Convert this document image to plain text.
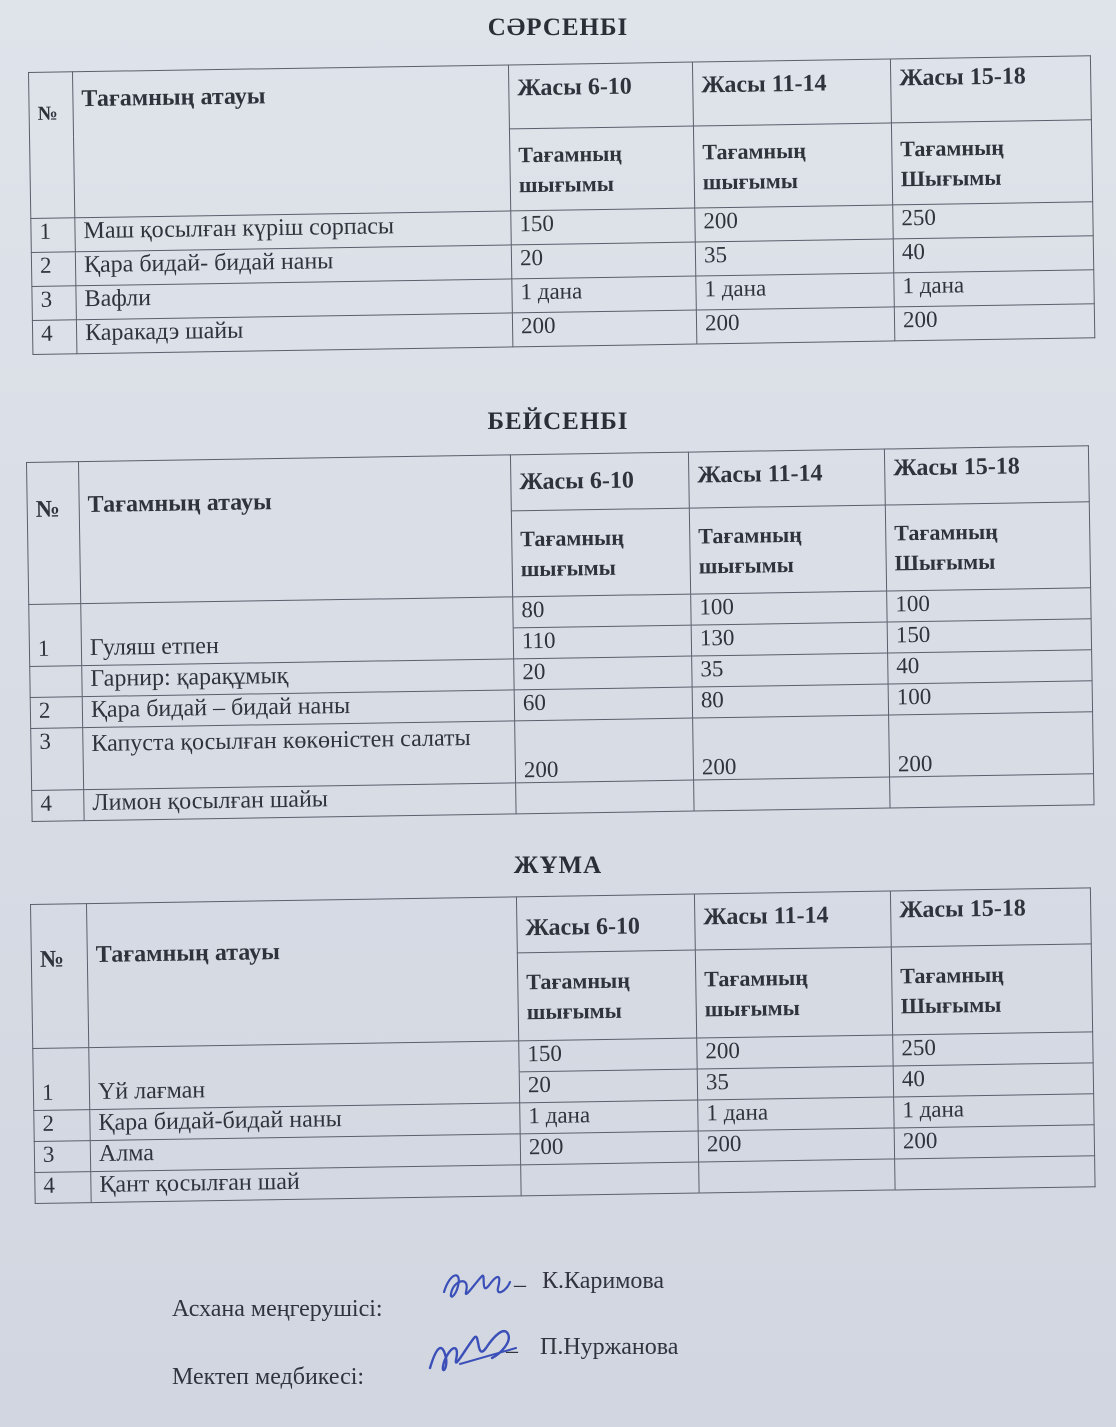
СӘРСЕНБІ
№	Тағамның атауы	Жасы 6-10	Жасы 11-14	Жасы 15-18
		Тағамның шығымы	Тағамның шығымы	Тағамның Шығымы
1	Маш қосылған күріш сорпасы	150	200	250
2	Қара бидай- бидай наны	20	35	40
3	Вафли	1 дана	1 дана	1 дана
4	Каракадэ шайы	200	200	200
БЕЙСЕНБІ
№	Тағамның атауы	Жасы 6-10	Жасы 11-14	Жасы 15-18
		Тағамның шығымы	Тағамның шығымы	Тағамның Шығымы
		80	100	100
1	Гуляш етпен	110	130	150
	Гарнир: қарақұмық	20	35	40
2	Қара бидай – бидай наны	60	80	100
3	Капуста қосылған көкөністен салаты	200	200	200
4	Лимон қосылған шайы			
ЖҰМА
№	Тағамның атауы	Жасы 6-10	Жасы 11-14	Жасы 15-18
		Тағамның шығымы	Тағамның шығымы	Тағамның Шығымы
		150	200	250
1	Үй лағман	20	35	40
2	Қара бидай-бидай наны	1 дана	1 дана	1 дана
3	Алма	200	200	200
4	Қант қосылған шай			
Асхана меңгерушісі:
– К.Каримова
Мектеп медбикесі:
– П.Нуржанова
